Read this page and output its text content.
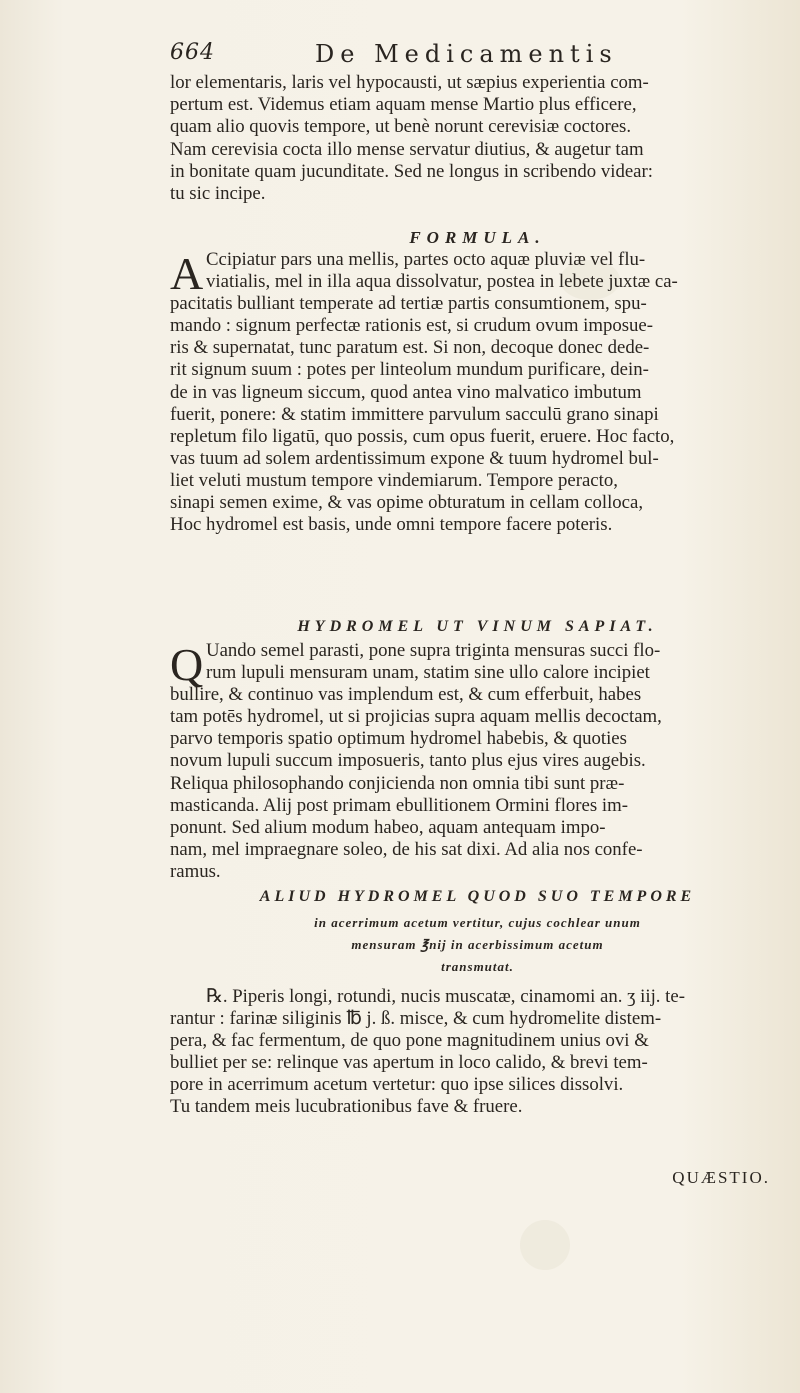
664	De Medicamentis
lor elementaris, laris vel hypocausti, ut sæpius experientia com-
pertum est. Videmus etiam aquam mense Martio plus efficere,
quam alio quovis tempore, ut benè norunt cerevisiæ coctores.
Nam cerevisia cocta illo mense servatur diutius, & augetur tam
in bonitate quam jucunditate. Sed ne longus in scribendo videar:
tu sic incipe.
FORMULA.
A Ccipiatur pars una mellis, partes octo aquæ pluviæ vel flu-
viatialis, mel in illa aqua dissolvatur, postea in lebete juxtæ ca-
pacitatis bulliant temperate ad tertiæ partis consumtionem, spu-
mando : signum perfectæ rationis est, si crudum ovum imposue-
ris & supernatat, tunc paratum est. Si non, decoque donec dede-
rit signum suum : potes per linteolum mundum purificare, dein-
de in vas ligneum siccum, quod antea vino malvatico imbutum
fuerit, ponere: & statim immittere parvulum sacculū grano sinapi
repletum filo ligatū, quo possis, cum opus fuerit, eruere. Hoc facto,
vas tuum ad solem ardentissimum expone & tuum hydromel bul-
liet veluti mustum tempore vindemiarum. Tempore peracto,
sinapi semen exime, & vas opime obturatum in cellam colloca,
Hoc hydromel est basis, unde omni tempore facere poteris.
HYDROMEL UT VINUM SAPIAT.
Q Uando semel parasti, pone supra triginta mensuras succi flo-
rum lupuli mensuram unam, statim sine ullo calore incipiet
bullire, & continuo vas implendum est, & cum efferbuit, habes
tam potēs hydromel, ut si projicias supra aquam mellis decoctam,
parvo temporis spatio optimum hydromel habebis, & quoties
novum lupuli succum imposueris, tanto plus ejus vires augebis.
Reliqua philosophando conjicienda non omnia tibi sunt præ-
masticanda. Alij post primam ebullitionem Ormini flores im-
ponunt. Sed alium modum habeo, aquam antequam impo-
nam, mel impraegnare soleo, de his sat dixi. Ad alia nos confe-
ramus.
ALIUD HYDROMEL QUOD SUO TEMPORE
in acerrimum acetum vertitur, cujus cochlear unum
mensuram ℥nij in acerbissimum acetum
transmutat.
℞. Piperis longi, rotundi, nucis muscatæ, cinamomi an. ʒ iij. te-
rantur : farinæ siliginis ℔ j. ß. misce, & cum hydromelite distem-
pera, & fac fermentum, de quo pone magnitudinem unius ovi &
bulliet per se: relinque vas apertum in loco calido, & brevi tem-
pore in acerrimum acetum vertetur: quo ipse silices dissolvi.
Tu tandem meis lucubrationibus fave & fruere.
QUÆSTIO.
